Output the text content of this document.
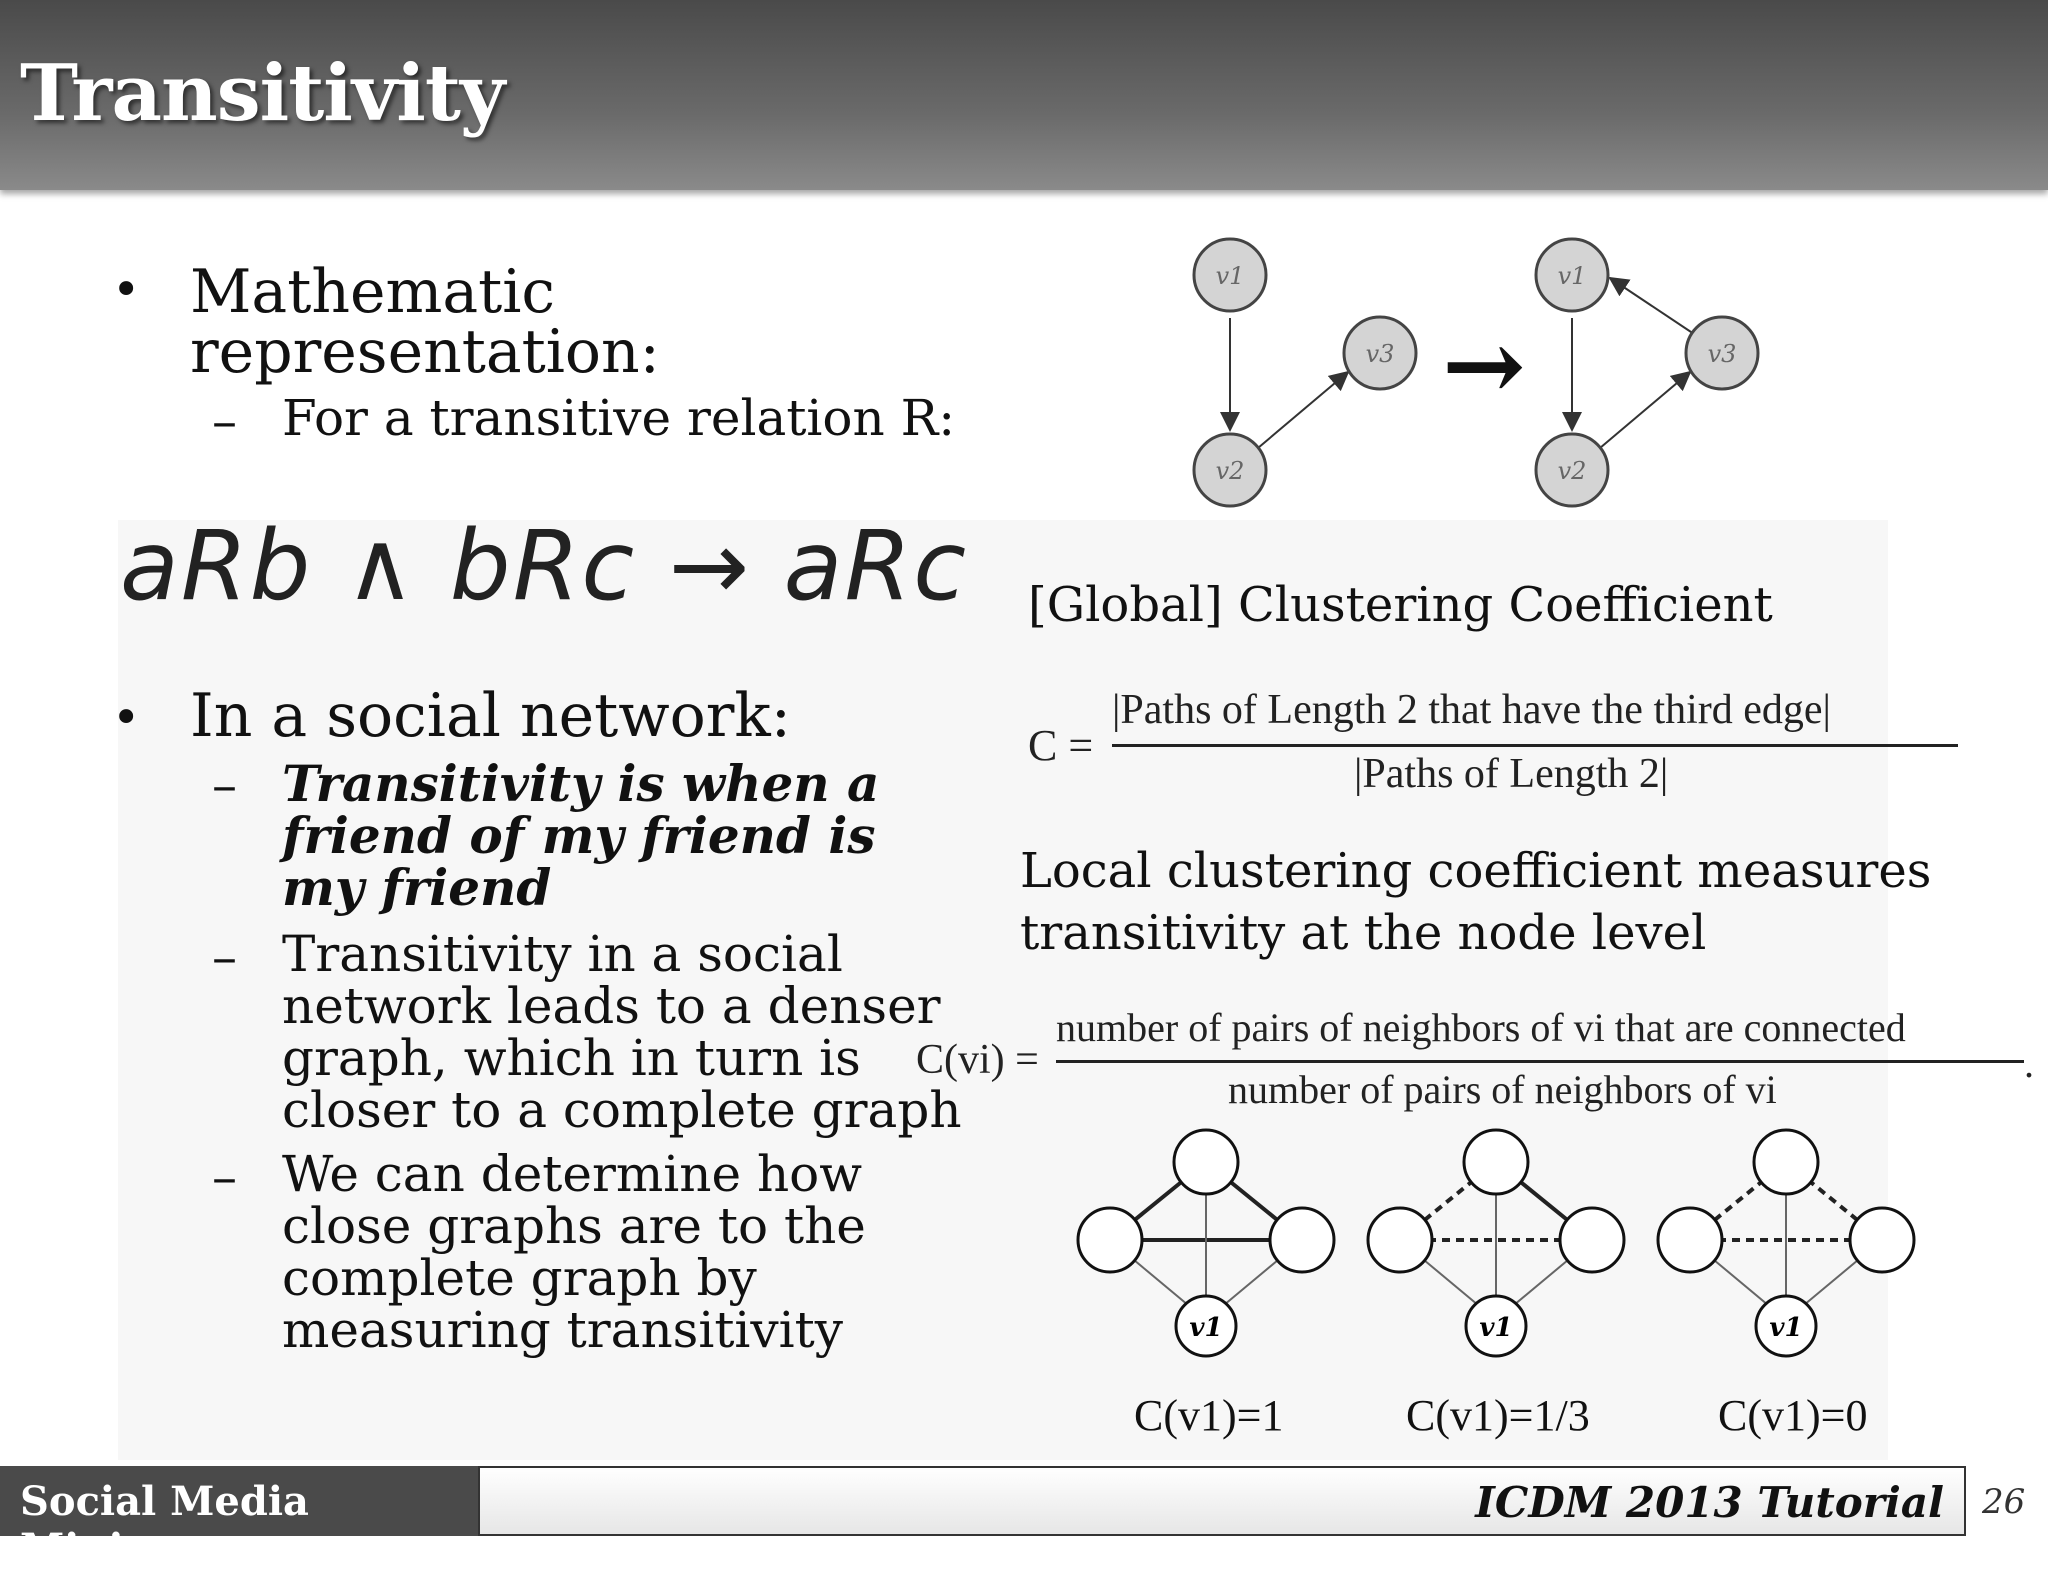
Transitivity
• Mathematic
representation:
– For a transitive relation R:
aRb ∧ bRc → aRc
• In a social network:
– Transitivity is when a
friend of my friend is
my friend
– Transitivity in a social
network leads to a denser
graph, which in turn is
closer to a complete graph
– We can determine how
close graphs are to the
complete graph by
measuring transitivity
v1
v2
v3 →
v1
v2
v3
[Global] Clustering Coefficient
C =
|Paths of Length 2 that have the third edge|
|Paths of Length 2|
Local clustering coefficient measures
transitivity at the node level
C(vi) =
number of pairs of neighbors of vi that are connected
.
number of pairs of neighbors of vi
v1	v1	v1
C(v1)=1	C(v1)=1/3	C(v1)=0
Social Media Mining
ICDM 2013 Tutorial 26
